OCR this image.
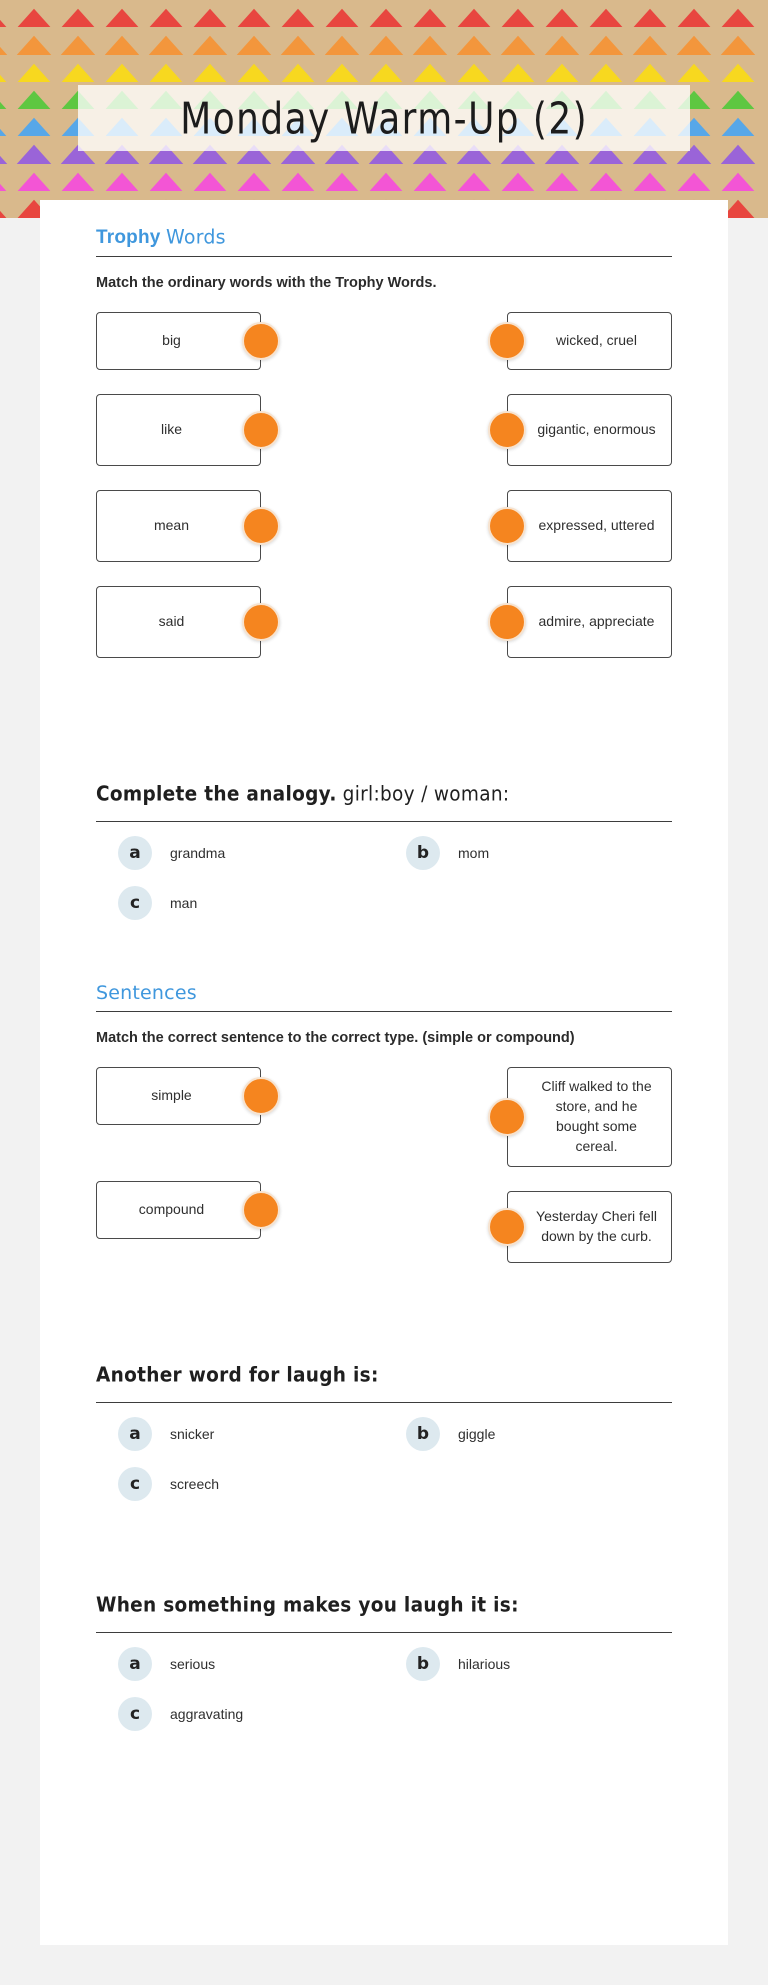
Monday Warm-Up (2)
Trophy Words
Match the ordinary words with the Trophy Words.
big
like
mean
said
wicked, cruel
gigantic, enormous
expressed, uttered
admire, appreciate
Complete the analogy. girl:boy / woman:
a	grandma	b	mom
c	man
Sentences
Match the correct sentence to the correct type. (simple or compound)
simple
compound
Cliff walked to the store, and he bought some cereal.
Yesterday Cheri fell down by the curb.
Another word for laugh is:
a	snicker	b	giggle
c	screech
When something makes you laugh it is:
a	serious	b	hilarious
c	aggravating
